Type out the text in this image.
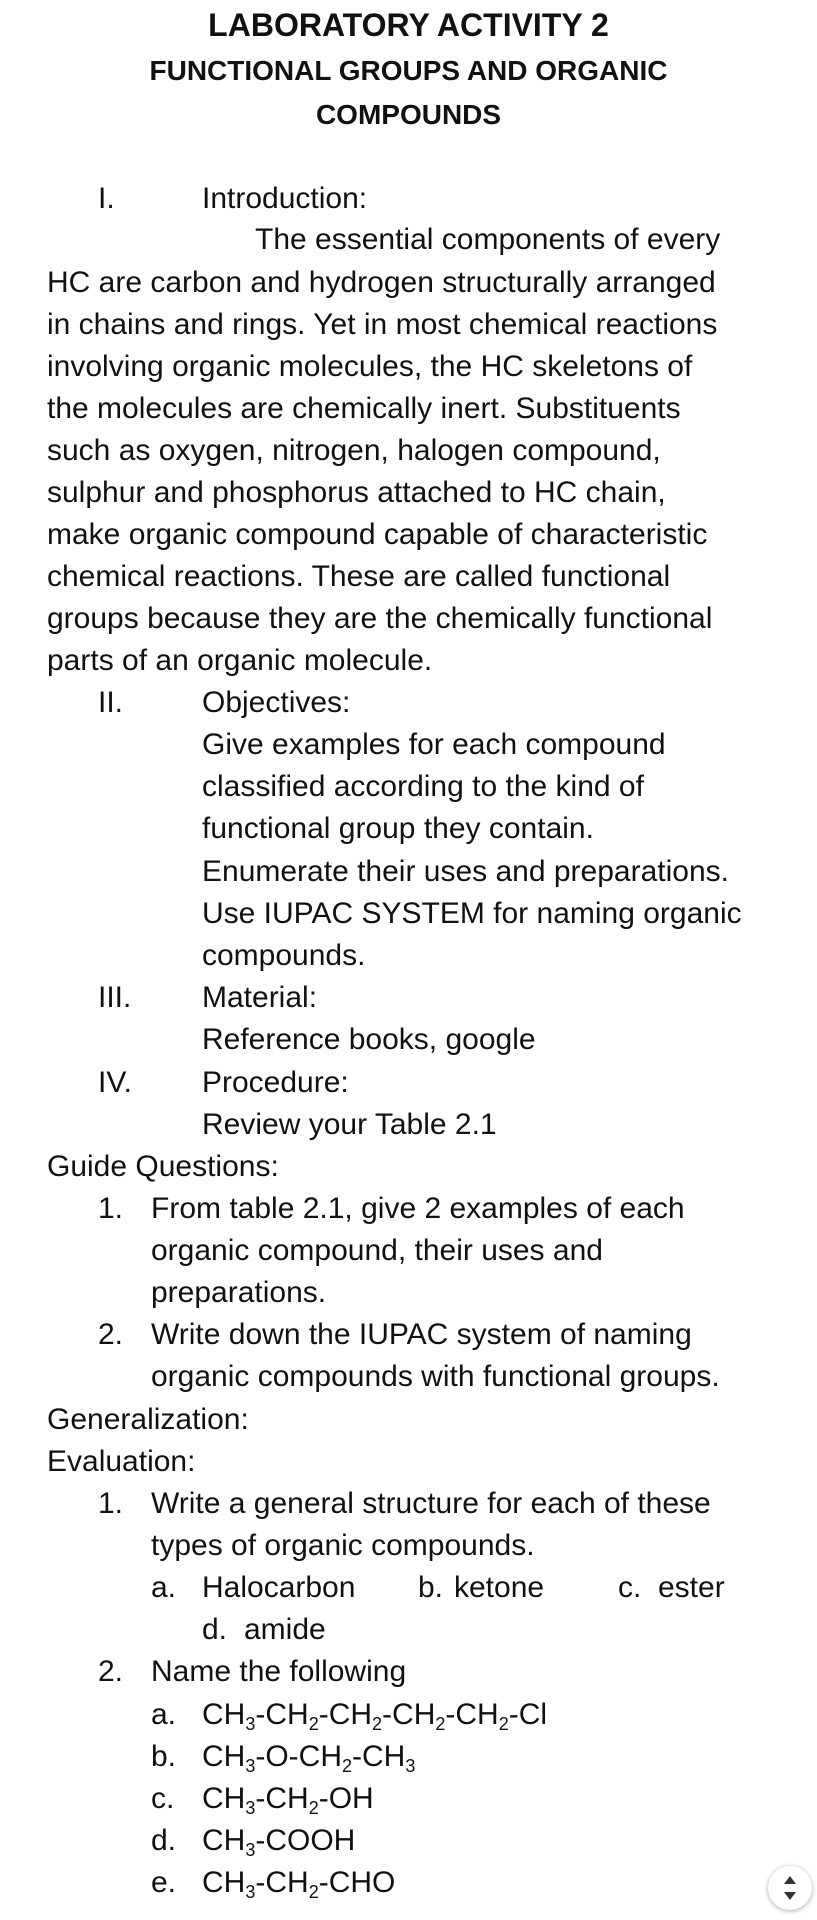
LABORATORY ACTIVITY 2
FUNCTIONAL GROUPS AND ORGANIC
COMPOUNDS
I.	Introduction:
The essential components of every
HC are carbon and hydrogen structurally arranged
in chains and rings. Yet in most chemical reactions
involving organic molecules, the HC skeletons of
the molecules are chemically inert. Substituents
such as oxygen, nitrogen, halogen compound,
sulphur and phosphorus attached to HC chain,
make organic compound capable of characteristic
chemical reactions. These are called functional
groups because they are the chemically functional
parts of an organic molecule.
II.	Objectives:
Give examples for each compound
classified according to the kind of
functional group they contain.
Enumerate their uses and preparations.
Use IUPAC SYSTEM for naming organic
compounds.
III. Material:
Reference books, google
IV. Procedure:
Review your Table 2.1
Guide Questions:
1. From table 2.1, give 2 examples of each
organic compound, their uses and
preparations.
2. Write down the IUPAC system of naming
organic compounds with functional groups.
Generalization:
Evaluation:
1. Write a general structure for each of these
types of organic compounds.
a. Halocarbon b. ketone c. ester
d. amide
2. Name the following
a. $CH_3-CH_2-CH_2-CH_2-CH_2-Cl$
b. $CH_3-O-CH_2-CH_3$
c. $CH_3-CH_2-OH$
d. $CH_3$-COOH
e. $CH_3-CH_2$-CHO
